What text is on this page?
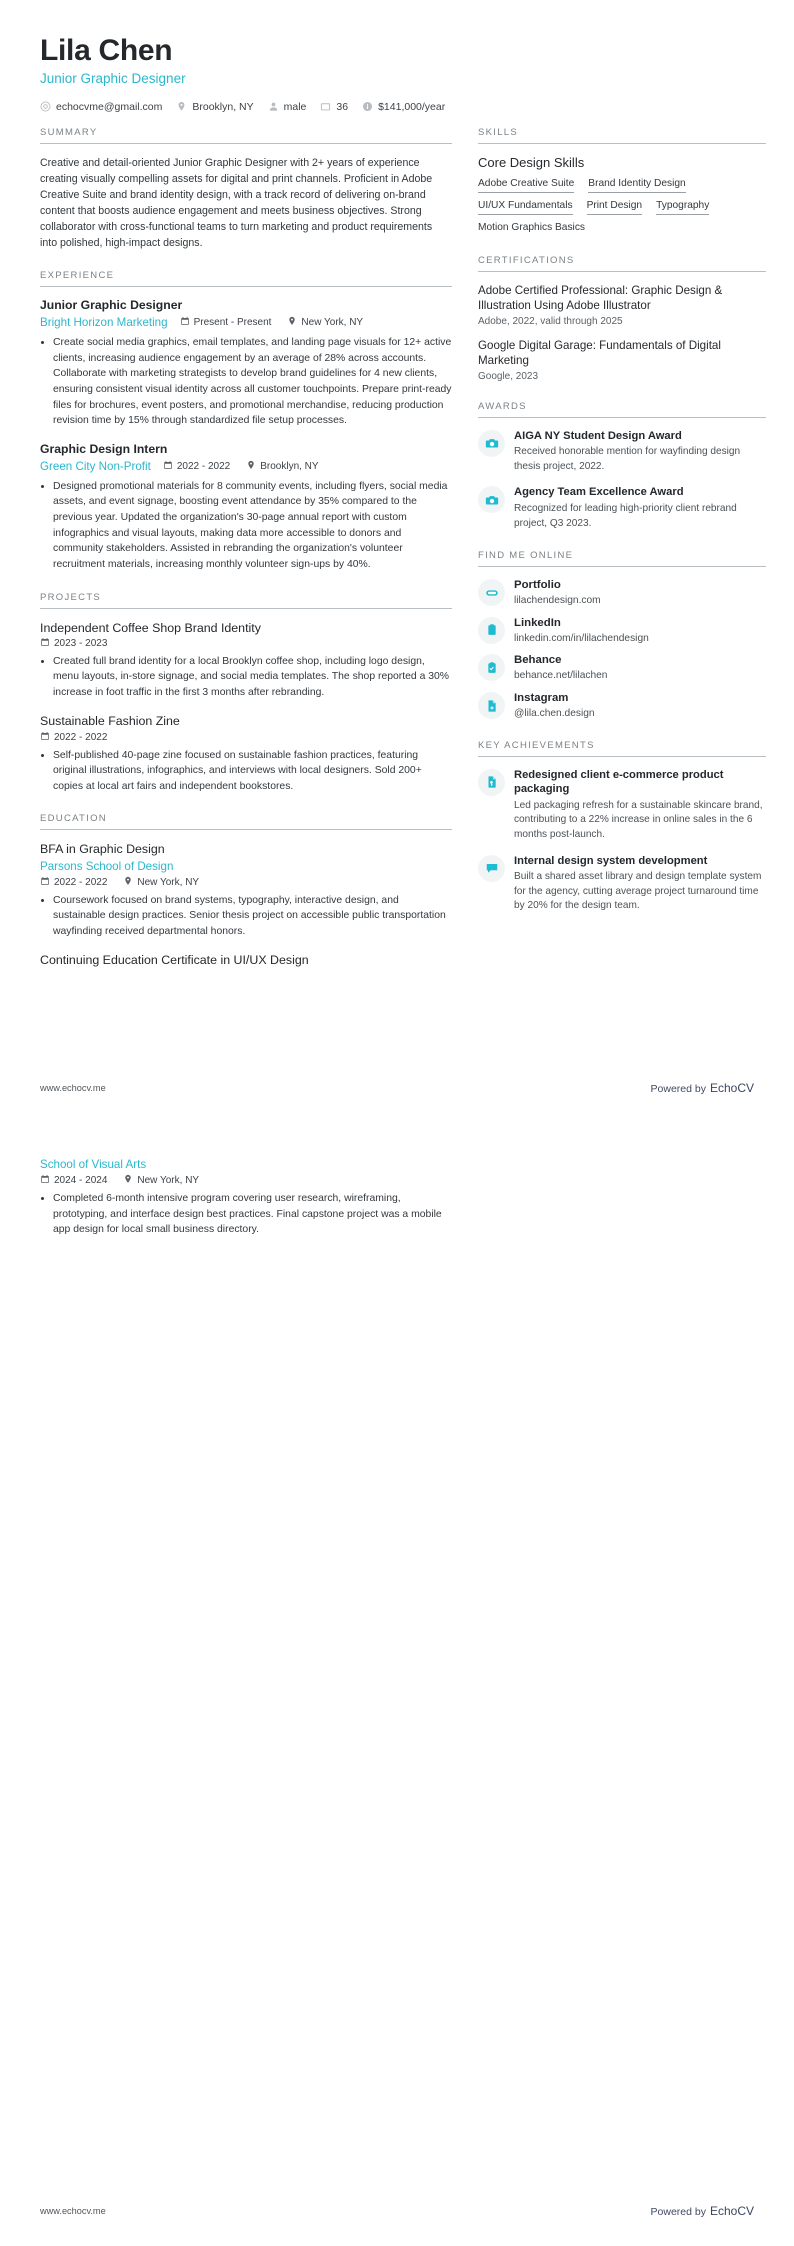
Lila Chen
Junior Graphic Designer
echocvme@gmail.com	Brooklyn, NY	male	36	$141,000/year
SUMMARY

Creative and detail-oriented Junior Graphic Designer with 2+ years of experience creating visually compelling assets for digital and print channels. Proficient in Adobe Creative Suite and brand identity design, with a track record of delivering on-brand content that boosts audience engagement and meets business objectives. Strong collaborator with cross-functional teams to turn marketing and product requirements into polished, high-impact designs.

EXPERIENCE
Junior Graphic Designer
Bright Horizon Marketing	Present - Present	New York, NY
• Create social media graphics, email templates, and landing page visuals for 12+ active clients, increasing audience engagement by an average of 28% across accounts. Collaborate with marketing strategists to develop brand guidelines for 4 new clients, ensuring consistent visual identity across all customer touchpoints. Prepare print-ready files for brochures, event posters, and promotional merchandise, reducing production revision time by 15% through standardized file setup processes.
Graphic Design Intern
Green City Non-Profit	2022 - 2022	Brooklyn, NY
• Designed promotional materials for 8 community events, including flyers, social media assets, and event signage, boosting event attendance by 35% compared to the previous year. Updated the organization's 30-page annual report with custom infographics and visual layouts, making data more accessible to donors and community stakeholders. Assisted in rebranding the organization's volunteer recruitment materials, increasing monthly volunteer sign-ups by 40%.
PROJECTS
Independent Coffee Shop Brand Identity
2023 - 2023
• Created full brand identity for a local Brooklyn coffee shop, including logo design, menu layouts, in-store signage, and social media templates. The shop reported a 30% increase in foot traffic in the first 3 months after rebranding.
Sustainable Fashion Zine
2022 - 2022
• Self-published 40-page zine focused on sustainable fashion practices, featuring original illustrations, infographics, and interviews with local designers. Sold 200+ copies at local art fairs and independent bookstores.
EDUCATION
BFA in Graphic Design
Parsons School of Design
2022 - 2022	New York, NY
• Coursework focused on brand systems, typography, interactive design, and sustainable design practices. Senior thesis project on accessible public transportation wayfinding received departmental honors.
Continuing Education Certificate in UI/UX Design
SKILLS
Core Design Skills
Adobe Creative Suite Brand Identity Design
UI/UX Fundamentals Print Design Typography
Motion Graphics Basics
CERTIFICATIONS
Adobe Certified Professional: Graphic Design & Illustration Using Adobe Illustrator
Adobe, 2022, valid through 2025
Google Digital Garage: Fundamentals of Digital Marketing
Google, 2023
AWARDS
AIGA NY Student Design Award
Received honorable mention for wayfinding design thesis project, 2022.
Agency Team Excellence Award
Recognized for leading high-priority client rebrand project, Q3 2023.
FIND ME ONLINE
Portfolio
lilachendesign.com
LinkedIn
linkedin.com/in/lilachendesign
Behance
behance.net/lilachen
Instagram
@lila.chen.design
KEY ACHIEVEMENTS
Redesigned client e-commerce product packaging
Led packaging refresh for a sustainable skincare brand, contributing to a 22% increase in online sales in the 6 months post-launch.
Internal design system development
Built a shared asset library and design template system for the agency, cutting average project turnaround time by 20% for the design team.
www.echocv.me	Powered by EchoCV
School of Visual Arts
2024 - 2024	New York, NY
• Completed 6-month intensive program covering user research, wireframing, prototyping, and interface design best practices. Final capstone project was a mobile app design for local small business directory.
www.echocv.me	Powered by EchoCV
